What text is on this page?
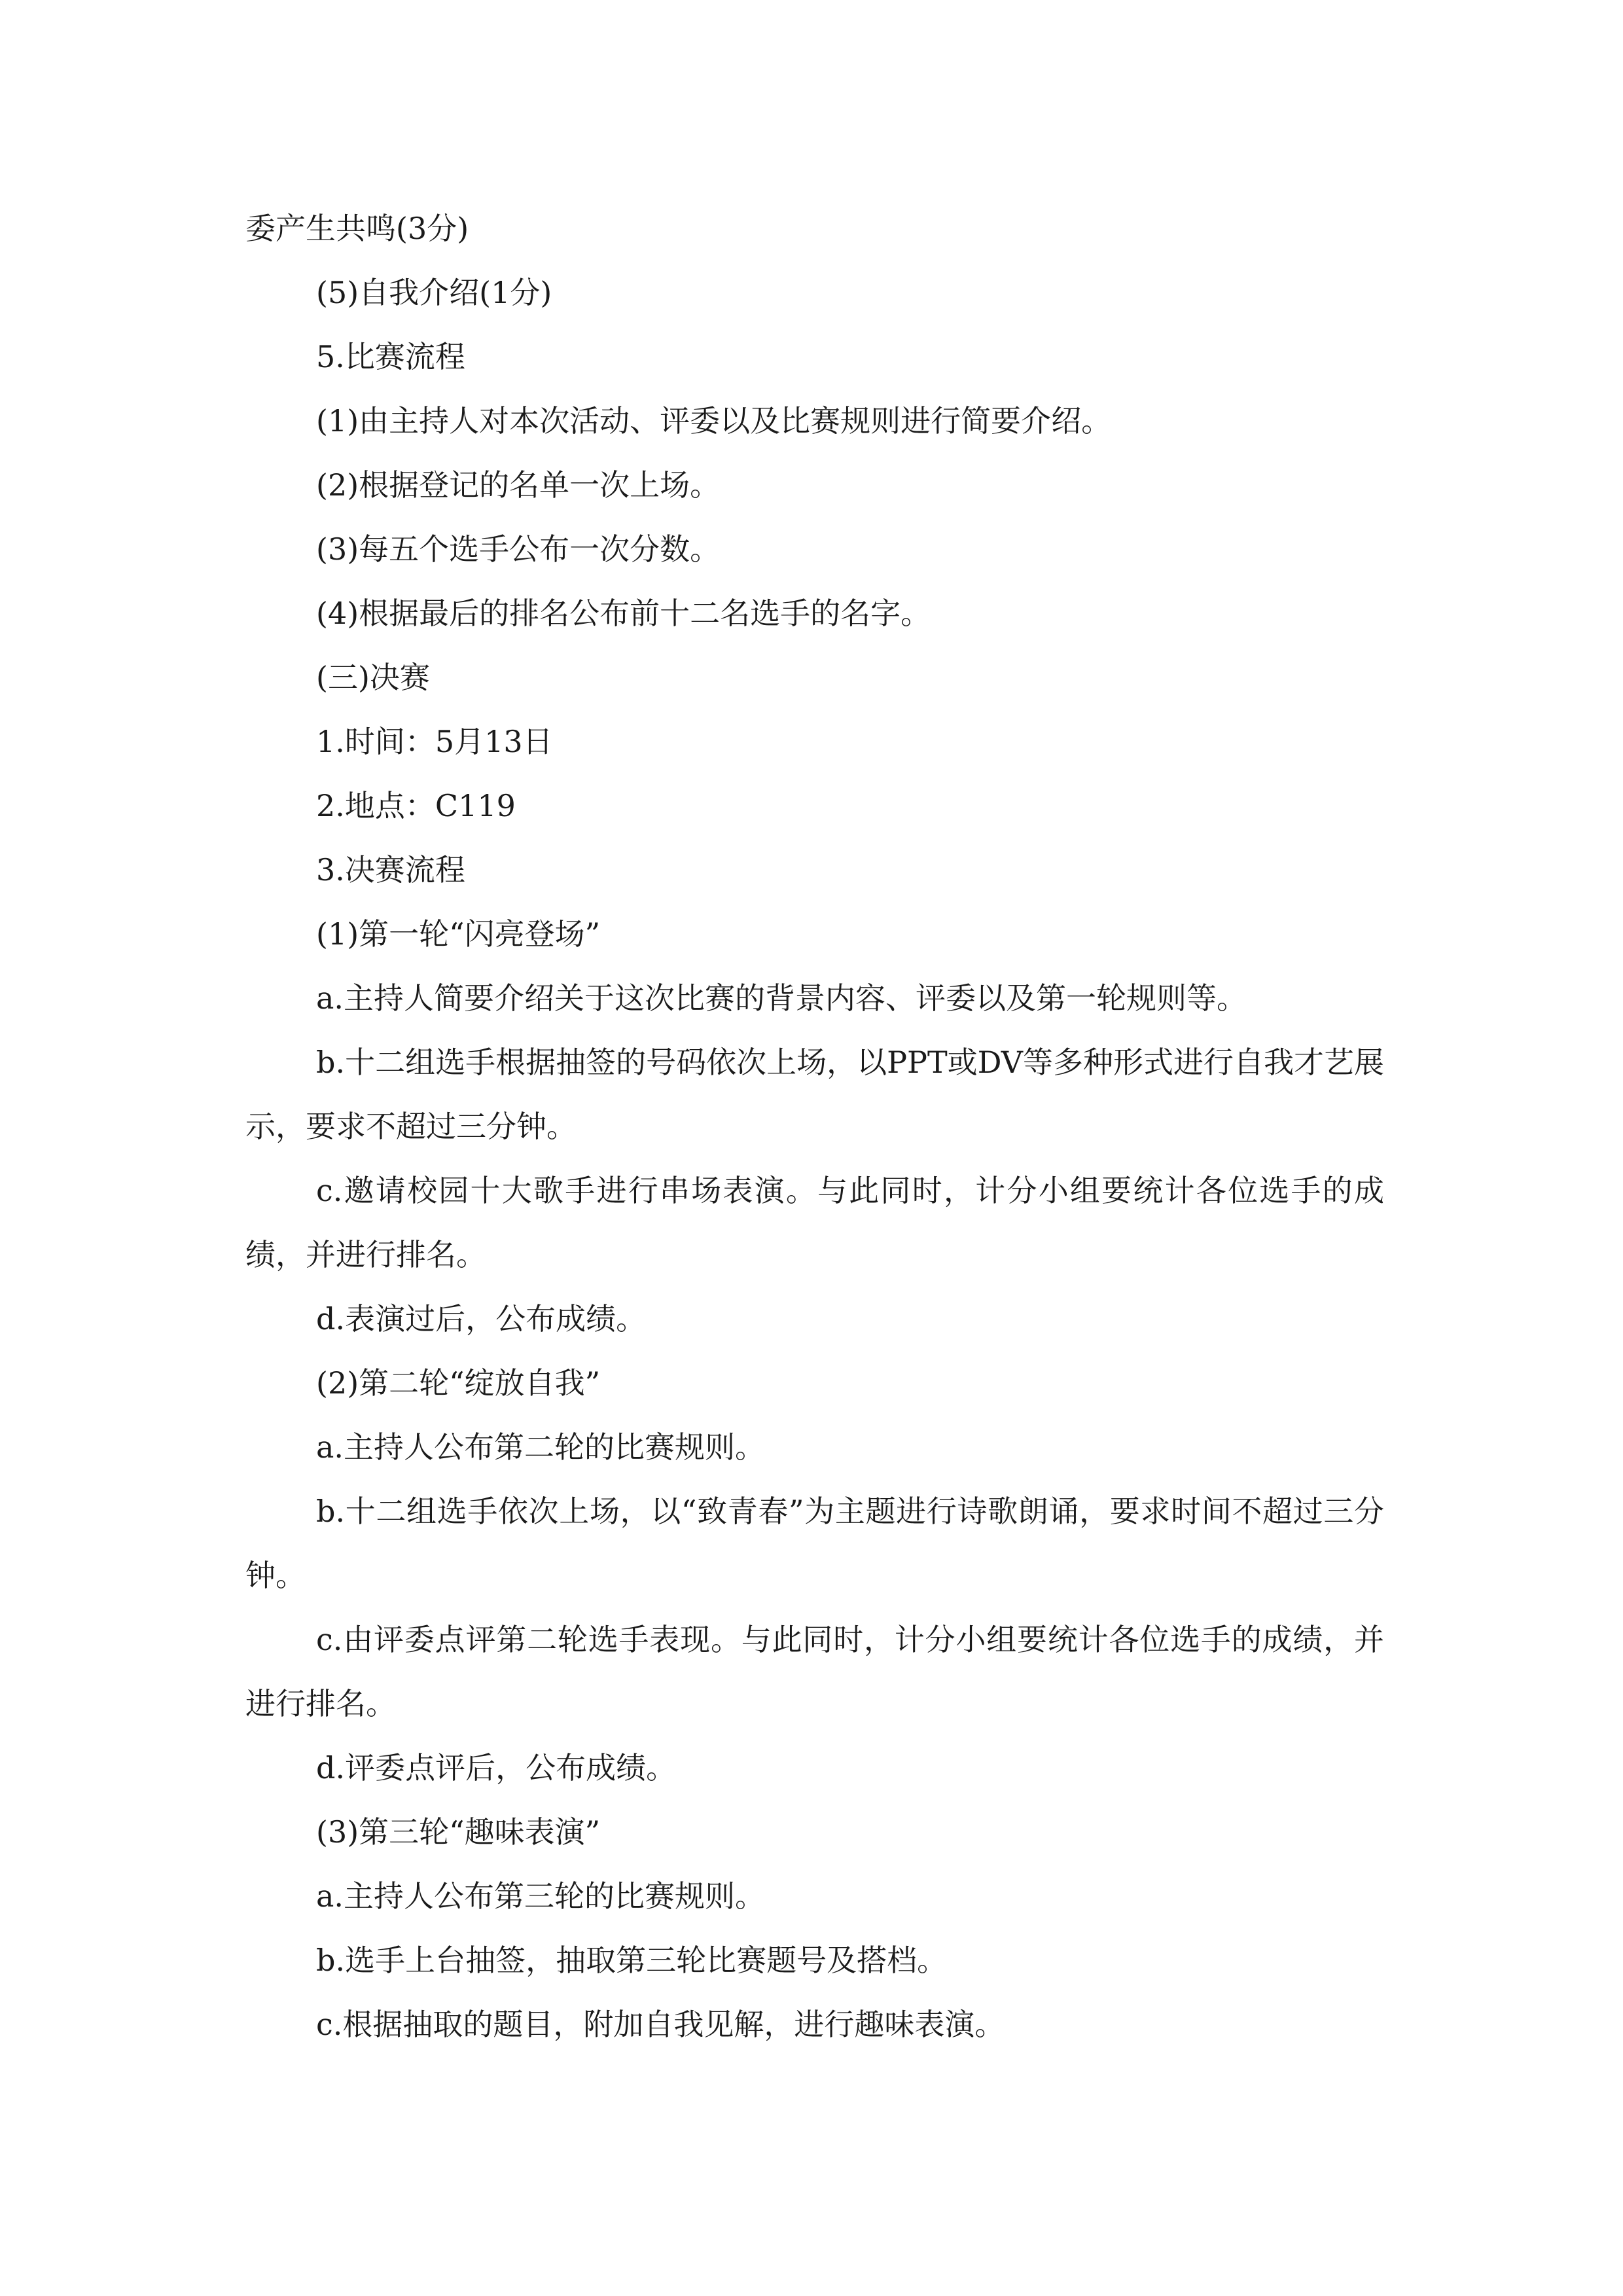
委产生共鸣(3分)
(5)自我介绍(1分)
5.比赛流程
(1)由主持人对本次活动、评委以及比赛规则进行简要介绍。
(2)根据登记的名单一次上场。
(3)每五个选手公布一次分数。
(4)根据最后的排名公布前十二名选手的名字。
(三)决赛
1.时间：5月13日
2.地点：C119
3.决赛流程
(1)第一轮“闪亮登场”
a.主持人简要介绍关于这次比赛的背景内容、评委以及第一轮规则等。

b.十二组选手根据抽签的号码依次上场，以PPT或DV等多种形式进行自我才艺展示，要求不超过三分钟。

c.邀请校园十大歌手进行串场表演。与此同时，计分小组要统计各位选手的成绩，并进行排名。

d.表演过后，公布成绩。
(2)第二轮“绽放自我”
a.主持人公布第二轮的比赛规则。

b.十二组选手依次上场，以“致青春”为主题进行诗歌朗诵，要求时间不超过三分钟。

c.由评委点评第二轮选手表现。与此同时，计分小组要统计各位选手的成绩，并进行排名。

d.评委点评后，公布成绩。
(3)第三轮“趣味表演”
a.主持人公布第三轮的比赛规则。
b.选手上台抽签，抽取第三轮比赛题号及搭档。
c.根据抽取的题目，附加自我见解，进行趣味表演。
